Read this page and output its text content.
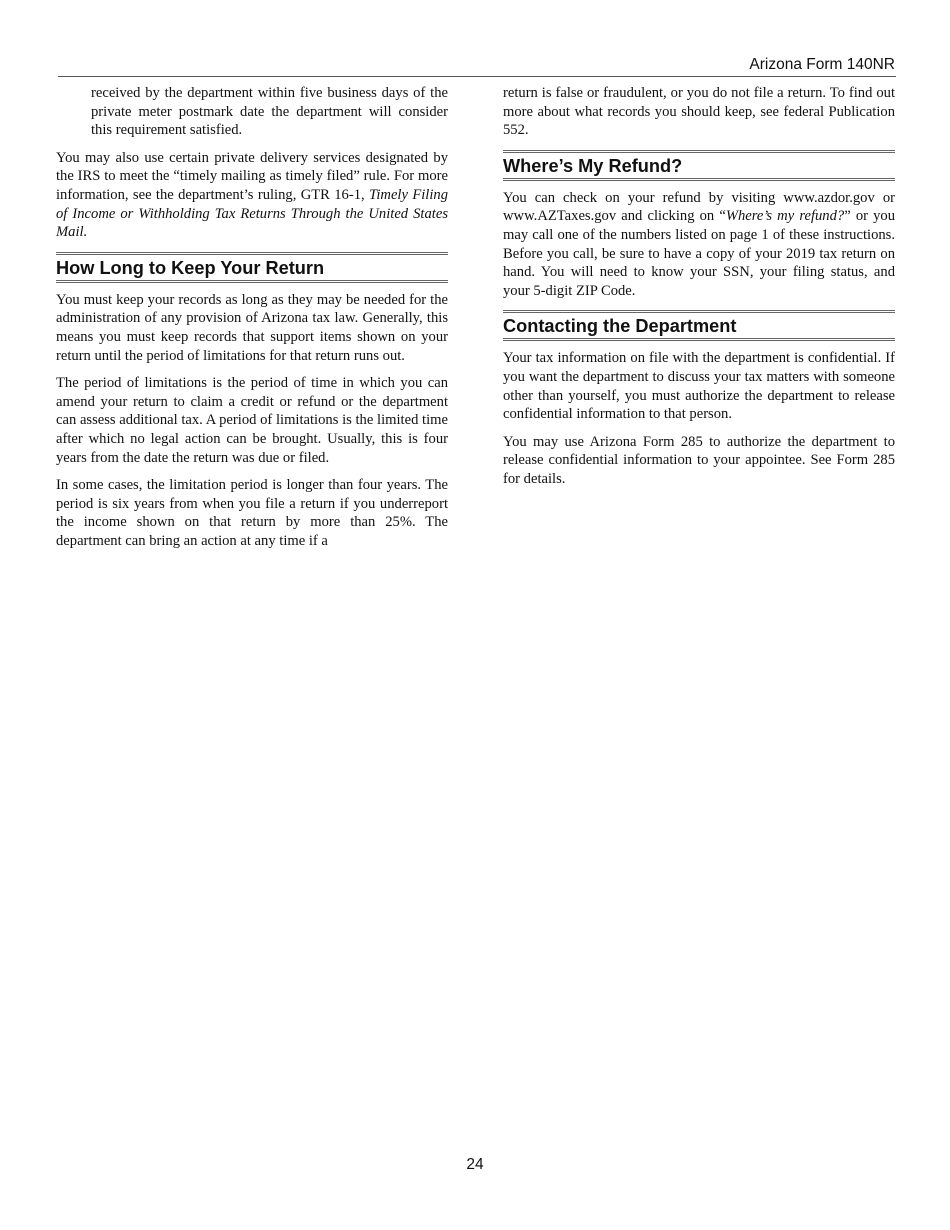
Arizona Form 140NR

received by the department within five business days of the private meter postmark date the department will consider this requirement satisfied.

You may also use certain private delivery services designated by the IRS to meet the “timely mailing as timely filed” rule. For more information, see the department’s ruling, GTR 16-1, Timely Filing of Income or Withholding Tax Returns Through the United States Mail.

How Long to Keep Your Return

You must keep your records as long as they may be needed for the administration of any provision of Arizona tax law. Generally, this means you must keep records that support items shown on your return until the period of limitations for that return runs out.

The period of limitations is the period of time in which you can amend your return to claim a credit or refund or the department can assess additional tax. A period of limitations is the limited time after which no legal action can be brought. Usually, this is four years from the date the return was due or filed.

In some cases, the limitation period is longer than four years. The period is six years from when you file a return if you underreport the income shown on that return by more than 25%. The department can bring an action at any time if a

return is false or fraudulent, or you do not file a return. To find out more about what records you should keep, see federal Publication 552.

Where’s My Refund?

You can check on your refund by visiting www.azdor.gov or www.AZTaxes.gov and clicking on “Where’s my refund?” or you may call one of the numbers listed on page 1 of these instructions. Before you call, be sure to have a copy of your 2019 tax return on hand. You will need to know your SSN, your filing status, and your 5-digit ZIP Code.

Contacting the Department

Your tax information on file with the department is confidential. If you want the department to discuss your tax matters with someone other than yourself, you must authorize the department to release confidential information to that person.

You may use Arizona Form 285 to authorize the department to release confidential information to your appointee. See Form 285 for details.

24
